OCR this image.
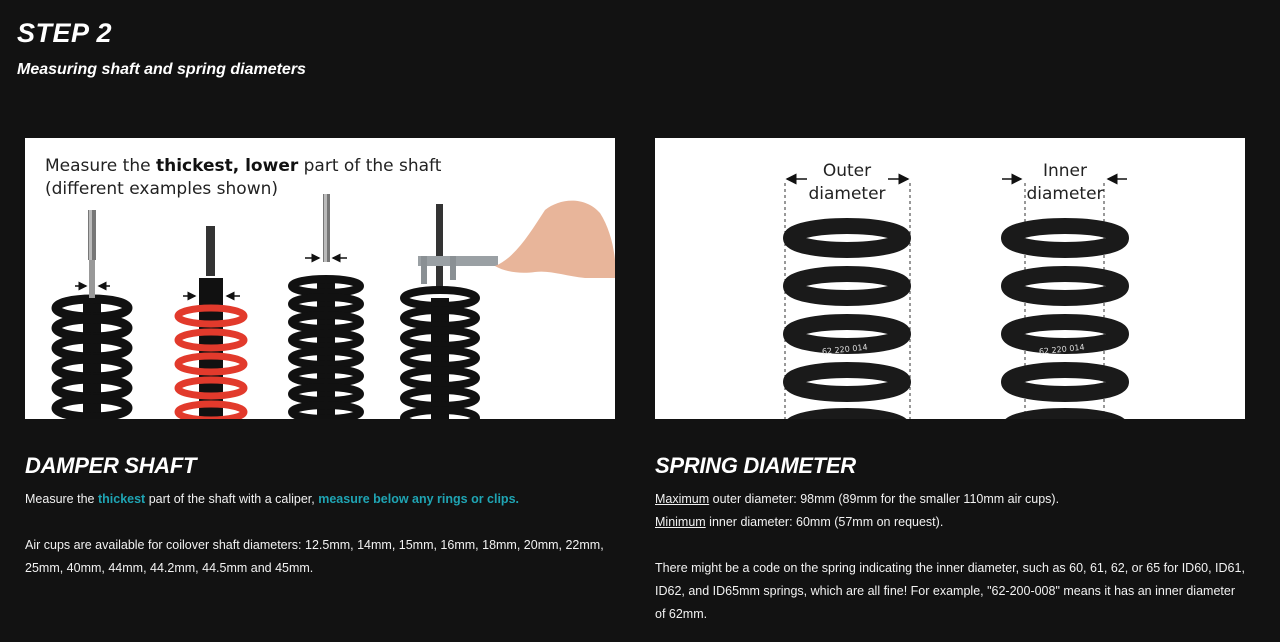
STEP 2
Measuring shaft and spring diameters
Measure the thickest, lower part of the shaft
(different examples shown)
Outer
diameter
Inner
diameter
62 220 014	62 220 014
DAMPER SHAFT

Measure the thickest part of the shaft with a caliper, measure below any rings or clips.

Air cups are available for coilover shaft diameters: 12.5mm, 14mm, 15mm, 16mm, 18mm, 20mm, 22mm, 25mm, 40mm, 44mm, 44.2mm, 44.5mm and 45mm.

SPRING DIAMETER

Maximum outer diameter: 98mm (89mm for the smaller 110mm air cups).

Minimum inner diameter: 60mm (57mm on request).

There might be a code on the spring indicating the inner diameter, such as 60, 61, 62, or 65 for ID60, ID61, ID62, and ID65mm springs, which are all fine! For example, "62-200-008" means it has an inner diameter of 62mm.
